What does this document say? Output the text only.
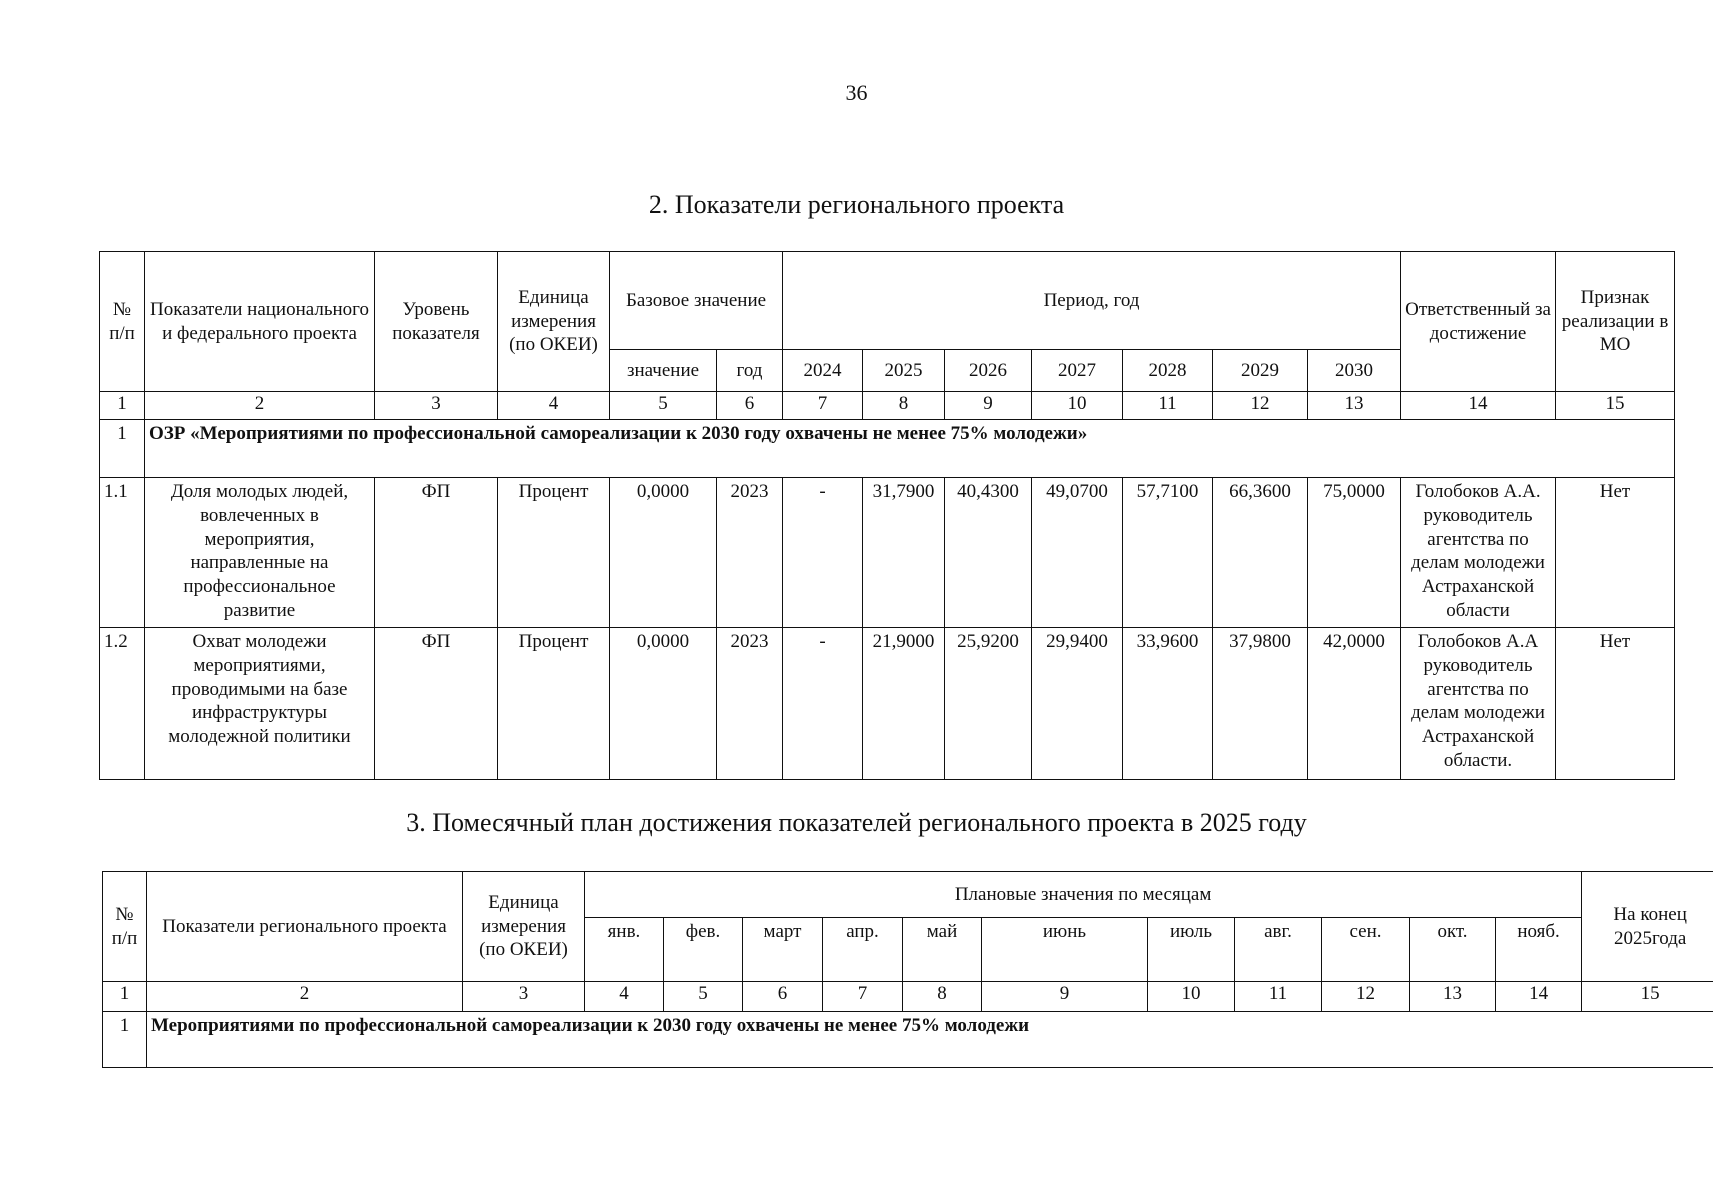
36
2. Показатели регионального проекта
№ п/п	Показатели национального и федерального проекта	Уровень показателя	Единица измерения (по ОКЕИ)	Базовое значение		Период, год							Ответственный за достижение	Признак реализации в МО
				значение	год	2024	2025	2026	2027	2028	2029	2030		
1	2	3	4	5	6	7	8	9	10	11	12	13	14	15
1	ОЗР «Мероприятиями по профессиональной самореализации к 2030 году охвачены не менее 75% молодежи»													
1.1	Доля молодых людей, вовлеченных в мероприятия, направленные на профессиональное развитие	ФП	Процент	0,0000	2023	-	31,7900	40,4300	49,0700	57,7100	66,3600	75,0000	Голобоков А.А. руководитель агентства по делам молодежи Астраханской области	Нет
1.2	Охват молодежи мероприятиями, проводимыми на базе инфраструктуры молодежной политики	ФП	Процент	0,0000	2023	-	21,9000	25,9200	29,9400	33,9600	37,9800	42,0000	Голобоков А.А руководитель агентства по делам молодежи Астраханской области.	Нет
3. Помесячный план достижения показателей регионального проекта в 2025 году
№ п/п	Показатели регионального проекта	Единица измерения (по ОКЕИ)	Плановые значения по месяцам											На конец 2025года
			янв.	фев.	март	апр.	май	июнь	июль	авг.	сен.	окт.	нояб.	
1	2	3	4	5	6	7	8	9	10	11	12	13	14	15
1	Мероприятиями по профессиональной самореализации к 2030 году охвачены не менее 75% молодежи													
